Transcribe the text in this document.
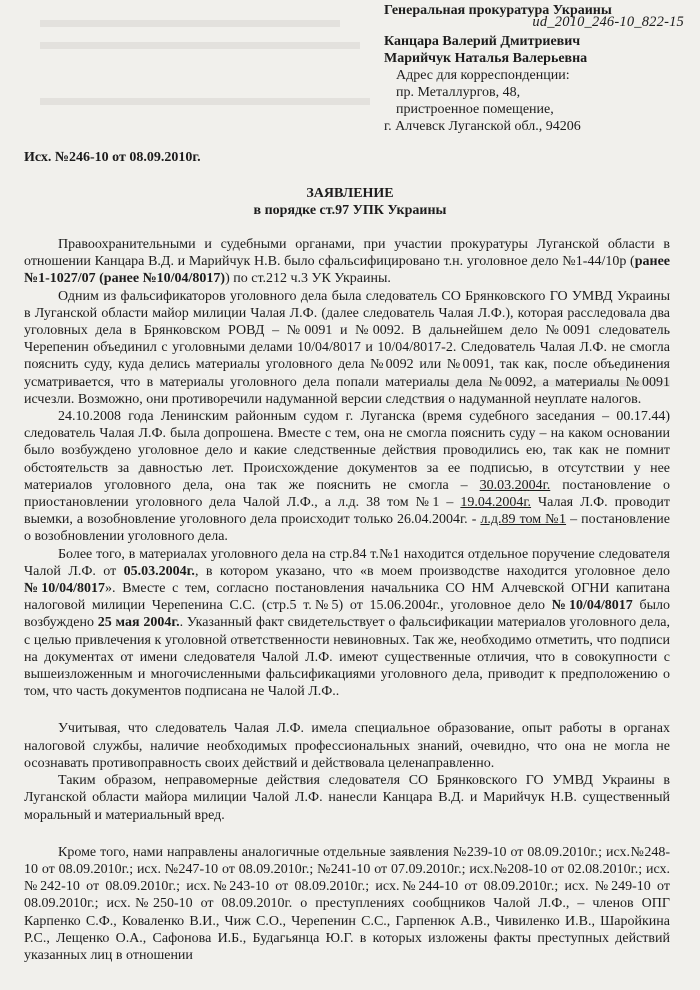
ud_2010_246-10_822-15
Генеральная прокуратура Украины
Канцара Валерий Дмитриевич
Марийчук Наталья Валерьевна
Адрес для корреспонденции:
пр. Металлургов, 48,
пристроенное помещение,
г. Алчевск Луганской обл., 94206
Исх. №246-10 от 08.09.2010г.
ЗАЯВЛЕНИЕ
в порядке ст.97 УПК Украины

Правоохранительными и судебными органами, при участии прокуратуры Луганской области в отношении Канцара В.Д. и Марийчук Н.В. было сфальсифицировано т.н. уголовное дело №1-44/10р (ранее №1-1027/07 (ранее №10/04/8017)) по ст.212 ч.3 УК Украины.

Одним из фальсификаторов уголовного дела была следователь СО Брянковского ГО УМВД Украины в Луганской области майор милиции Чалая Л.Ф. (далее следователь Чалая Л.Ф.), которая расследовала два уголовных дела в Брянковском РОВД – №0091 и №0092. В дальнейшем дело №0091 следователь Черепенин объединил с уголовными делами 10/04/8017 и 10/04/8017-2. Следователь Чалая Л.Ф. не смогла пояснить суду, куда делись материалы уголовного дела №0092 или №0091, так как, после объединения усматривается, что в материалы уголовного дела попали материалы дела №0092, а материалы №0091 исчезли. Возможно, они противоречили надуманной версии следствия о надуманной неуплате налогов.

24.10.2008 года Ленинским районным судом г. Луганска (время судебного заседания – 00.17.44) следователь Чалая Л.Ф. была допрошена. Вместе с тем, она не смогла пояснить суду – на каком основании было возбуждено уголовное дело и какие следственные действия проводились ею, так как не помнит обстоятельств за давностью лет. Происхождение документов за ее подписью, в отсутствии у нее материалов уголовного дела, она так же пояснить не смогла – 30.03.2004г. постановление о приостановлении уголовного дела Чалой Л.Ф., а л.д. 38 том №1 – 19.04.2004г. Чалая Л.Ф. проводит выемки, а возобновление уголовного дела происходит только 26.04.2004г. - л.д.89 том №1 – постановление о возобновлении уголовного дела.

Более того, в материалах уголовного дела на стр.84 т.№1 находится отдельное поручение следователя Чалой Л.Ф. от 05.03.2004г., в котором указано, что «в моем производстве находится уголовное дело №10/04/8017». Вместе с тем, согласно постановления начальника СО НМ Алчевской ОГНИ капитана налоговой милиции Черепенина С.С. (стр.5 т.№5) от 15.06.2004г., уголовное дело №10/04/8017 было возбуждено 25 мая 2004г.. Указанный факт свидетельствует о фальсификации материалов уголовного дела, с целью привлечения к уголовной ответственности невиновных. Так же, необходимо отметить, что подписи на документах от имени следователя Чалой Л.Ф. имеют существенные отличия, что в совокупности с вышеизложенным и многочисленными фальсификациями уголовного дела, приводит к предположению о том, что часть документов подписана не Чалой Л.Ф..

Учитывая, что следователь Чалая Л.Ф. имела специальное образование, опыт работы в органах налоговой службы, наличие необходимых профессиональных знаний, очевидно, что она не могла не осознавать противоправность своих действий и действовала целенаправленно.

Таким образом, неправомерные действия следователя СО Брянковского ГО УМВД Украины в Луганской области майора милиции Чалой Л.Ф. нанесли Канцара В.Д. и Марийчук Н.В. существенный моральный и материальный вред.

Кроме того, нами направлены аналогичные отдельные заявления №239-10 от 08.09.2010г.; исх.№248-10 от 08.09.2010г.; исх. №247-10 от 08.09.2010г.; №241-10 от 07.09.2010г.; исх.№208-10 от 02.08.2010г.; исх.№242-10 от 08.09.2010г.; исх.№243-10 от 08.09.2010г.; исх.№244-10 от 08.09.2010г.; исх. №249-10 от 08.09.2010г.; исх.№250-10 от 08.09.2010г. о преступлениях сообщников Чалой Л.Ф., – членов ОПГ Карпенко С.Ф., Коваленко В.И., Чиж С.О., Черепенин С.С., Гарпенюк А.В., Чивиленко И.В., Шаройкина Р.С., Лещенко О.А., Сафонова И.Б., Будагьянца Ю.Г. в которых изложены факты преступных действий указанных лиц в отношении
